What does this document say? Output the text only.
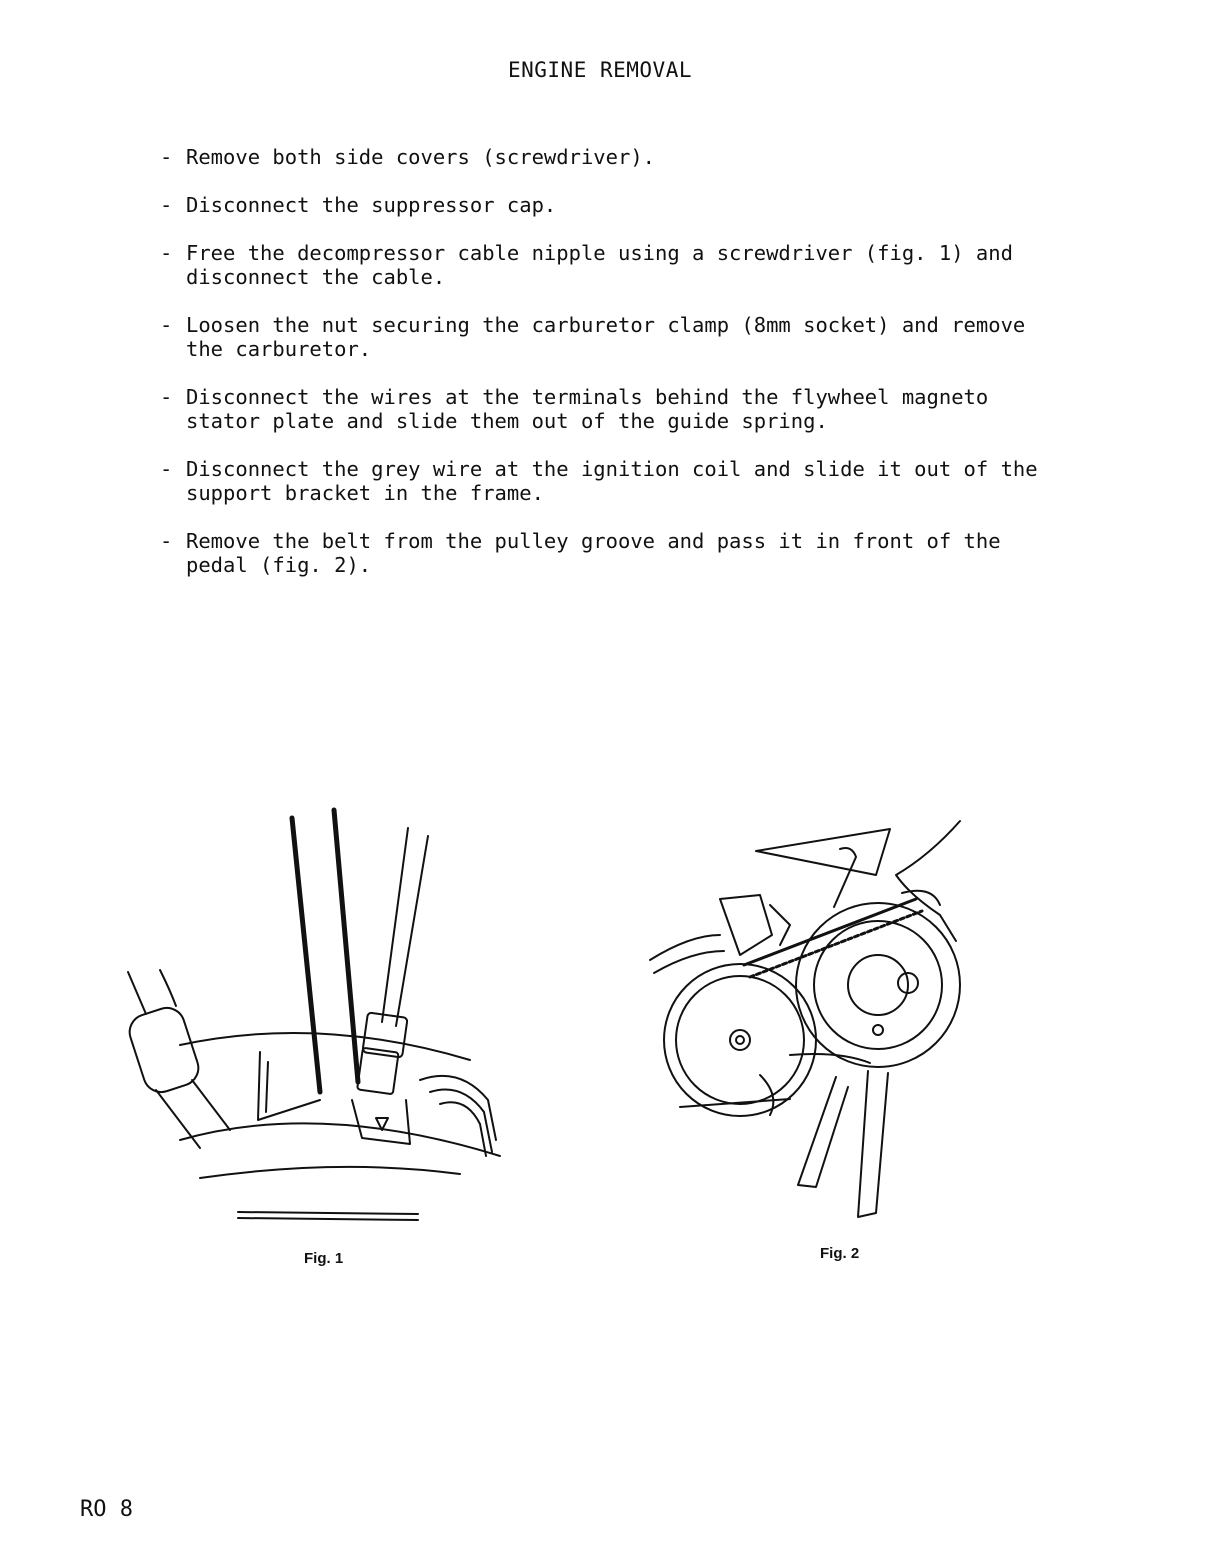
ENGINE REMOVAL
- Remove both side covers (screwdriver).
- Disconnect the suppressor cap.
- Free the decompressor cable nipple using a screwdriver (fig. 1) and
disconnect the cable.
- Loosen the nut securing the carburetor clamp (8mm socket) and remove
the carburetor.
- Disconnect the wires at the terminals behind the flywheel magneto
stator plate and slide them out of the guide spring.
- Disconnect the grey wire at the ignition coil and slide it out of the
support bracket in the frame.
- Remove the belt from the pulley groove and pass it in front of the
pedal (fig. 2).
Fig. 1	Fig. 2
RO 8
